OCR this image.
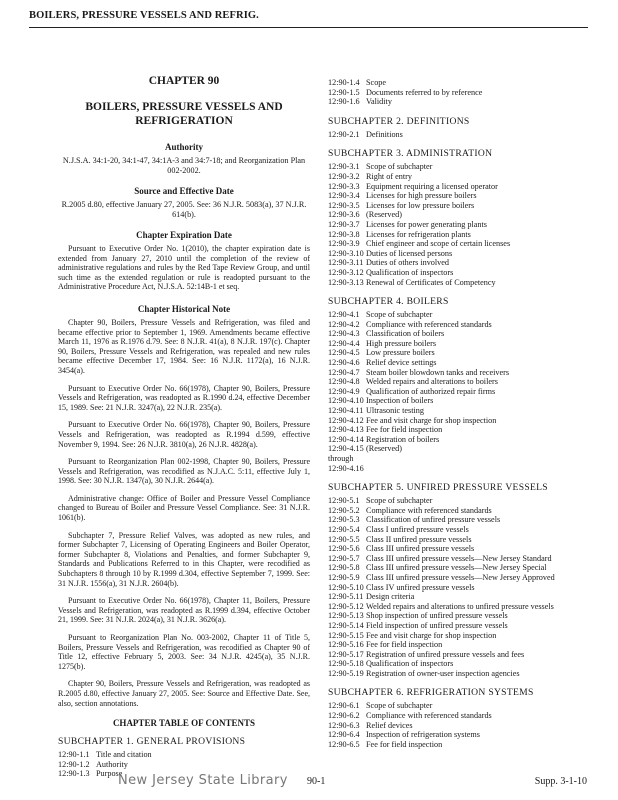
BOILERS, PRESSURE VESSELS AND REFRIG.
CHAPTER 90
BOILERS, PRESSURE VESSELS AND REFRIGERATION
Authority
N.J.S.A. 34:1-20, 34:1-47, 34:1A-3 and 34:7-18; and Reorganization Plan 002-2002.
Source and Effective Date
R.2005 d.80, effective January 27, 2005. See: 36 N.J.R. 5083(a), 37 N.J.R. 614(b).
Chapter Expiration Date

Pursuant to Executive Order No. 1(2010), the chapter expiration date is extended from January 27, 2010 until the completion of the review of administrative regulations and rules by the Red Tape Review Group, and until such time as the extended regulation or rule is readopted pursuant to the Administrative Procedure Act, N.J.S.A. 52:14B-1 et seq.

Chapter Historical Note

Chapter 90, Boilers, Pressure Vessels and Refrigeration, was filed and became effective prior to September 1, 1969. Amendments became effective March 11, 1976 as R.1976 d.79. See: 8 N.J.R. 41(a), 8 N.J.R. 197(c). Chapter 90, Boilers, Pressure Vessels and Refrigeration, was repealed and new rules became effective December 17, 1984. See: 16 N.J.R. 1172(a), 16 N.J.R. 3454(a).

Pursuant to Executive Order No. 66(1978), Chapter 90, Boilers, Pressure Vessels and Refrigeration, was readopted as R.1990 d.24, effective December 15, 1989. See: 21 N.J.R. 3247(a), 22 N.J.R. 235(a).

Pursuant to Executive Order No. 66(1978), Chapter 90, Boilers, Pressure Vessels and Refrigeration, was readopted as R.1994 d.599, effective November 9, 1994. See: 26 N.J.R. 3810(a), 26 N.J.R. 4828(a).

Pursuant to Reorganization Plan 002-1998, Chapter 90, Boilers, Pressure Vessels and Refrigeration, was recodified as N.J.A.C. 5:11, effective July 1, 1998. See: 30 N.J.R. 1347(a), 30 N.J.R. 2644(a).

Administrative change: Office of Boiler and Pressure Vessel Compliance changed to Bureau of Boiler and Pressure Vessel Compliance. See: 31 N.J.R. 1061(b).

Subchapter 7, Pressure Relief Valves, was adopted as new rules, and former Subchapter 7, Licensing of Operating Engineers and Boiler Operator, former Subchapter 8, Violations and Penalties, and former Subchapter 9, Standards and Publications Referred to in this Chapter, were recodified as Subchapters 8 through 10 by R.1999 d.304, effective September 7, 1999. See: 31 N.J.R. 1556(a), 31 N.J.R. 2604(b).

Pursuant to Executive Order No. 66(1978), Chapter 11, Boilers, Pressure Vessels and Refrigeration, was readopted as R.1999 d.394, effective October 21, 1999. See: 31 N.J.R. 2024(a), 31 N.J.R. 3626(a).

Pursuant to Reorganization Plan No. 003-2002, Chapter 11 of Title 5, Boilers, Pressure Vessels and Refrigeration, was recodified as Chapter 90 of Title 12, effective February 5, 2003. See: 34 N.J.R. 4245(a), 35 N.J.R. 1275(b).

Chapter 90, Boilers, Pressure Vessels and Refrigeration, was readopted as R.2005 d.80, effective January 27, 2005. See: Source and Effective Date. See, also, section annotations.

CHAPTER TABLE OF CONTENTS
SUBCHAPTER 1. GENERAL PROVISIONS
12:90-1.1 Title and citation
12:90-1.2 Authority
12:90-1.3 Purpose
12:90-1.4 Scope
12:90-1.5 Documents referred to by reference
12:90-1.6 Validity
SUBCHAPTER 2. DEFINITIONS
12:90-2.1 Definitions
SUBCHAPTER 3. ADMINISTRATION
12:90-3.1 Scope of subchapter
12:90-3.2 Right of entry
12:90-3.3 Equipment requiring a licensed operator
12:90-3.4 Licenses for high pressure boilers
12:90-3.5 Licenses for low pressure boilers
12:90-3.6 (Reserved)
12:90-3.7 Licenses for power generating plants
12:90-3.8 Licenses for refrigeration plants
12:90-3.9 Chief engineer and scope of certain licenses
12:90-3.10 Duties of licensed persons
12:90-3.11 Duties of others involved
12:90-3.12 Qualification of inspectors
12:90-3.13 Renewal of Certificates of Competency
SUBCHAPTER 4. BOILERS
12:90-4.1 Scope of subchapter
12:90-4.2 Compliance with referenced standards
12:90-4.3 Classification of boilers
12:90-4.4 High pressure boilers
12:90-4.5 Low pressure boilers
12:90-4.6 Relief device settings
12:90-4.7 Steam boiler blowdown tanks and receivers
12:90-4.8 Welded repairs and alterations to boilers
12:90-4.9 Qualification of authorized repair firms
12:90-4.10 Inspection of boilers
12:90-4.11 Ultrasonic testing
12:90-4.12 Fee and visit charge for shop inspection
12:90-4.13 Fee for field inspection
12:90-4.14 Registration of boilers
12:90-4.15 through 12:90-4.16
(Reserved)
SUBCHAPTER 5. UNFIRED PRESSURE VESSELS
12:90-5.1 Scope of subchapter
12:90-5.2 Compliance with referenced standards
12:90-5.3 Classification of unfired pressure vessels
12:90-5.4 Class I unfired pressure vessels
12:90-5.5 Class II unfired pressure vessels
12:90-5.6 Class III unfired pressure vessels
12:90-5.7 Class III unfired pressure vessels—New Jersey Standard
12:90-5.8 Class III unfired pressure vessels—New Jersey Special
12:90-5.9 Class III unfired pressure vessels—New Jersey Approved
12:90-5.10 Class IV unfired pressure vessels
12:90-5.11 Design criteria
12:90-5.12 Welded repairs and alterations to unfired pressure vessels
12:90-5.13 Shop inspection of unfired pressure vessels
12:90-5.14 Field inspection of unfired pressure vessels
12:90-5.15 Fee and visit charge for shop inspection
12:90-5.16 Fee for field inspection
12:90-5.17 Registration of unfired pressure vessels and fees
12:90-5.18 Qualification of inspectors
12:90-5.19 Registration of owner-user inspection agencies
SUBCHAPTER 6. REFRIGERATION SYSTEMS
12:90-6.1 Scope of subchapter
12:90-6.2 Compliance with referenced standards
12:90-6.3 Relief devices
12:90-6.4 Inspection of refrigeration systems
12:90-6.5 Fee for field inspection
New Jersey State Library 90-1	Supp. 3-1-10
